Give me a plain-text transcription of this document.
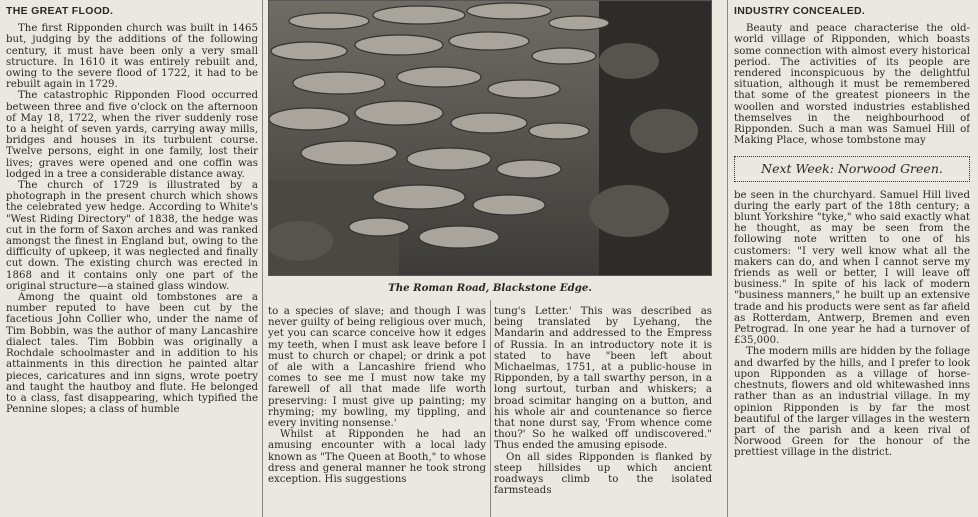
THE GREAT FLOOD.

The first Ripponden church was built in 1465 but, judging by the additions of the following century, it must have been only a very small structure. In 1610 it was entirely rebuilt and, owing to the severe flood of 1722, it had to be rebuilt again in 1729.

The catastrophic Ripponden Flood occurred between three and five o'clock on the afternoon of May 18, 1722, when the river suddenly rose to a height of seven yards, carrying away mills, bridges and houses in its turbulent course. Twelve persons, eight in one family, lost their lives; graves were opened and one coffin was lodged in a tree a considerable distance away.

The church of 1729 is illustrated by a photograph in the present church which shows the celebrated yew hedge. According to White's "West Riding Directory" of 1838, the hedge was cut in the form of Saxon arches and was ranked amongst the finest in England but, owing to the difficulty of upkeep, it was neglected and finally cut down. The existing church was erected in 1868 and it contains only one part of the original structure—a stained glass window.

Among the quaint old tombstones are a number reputed to have been cut by the facetious John Collier who, under the name of Tim Bobbin, was the author of many Lancashire dialect tales. Tim Bobbin was originally a Rochdale schoolmaster and in addition to his attainments in this direction he painted altar pieces, caricatures and inn signs, wrote poetry and taught the hautboy and flute. He belonged to a class, fast disappearing, which typified the Pennine slopes; a class of humble

The Roman Road, Blackstone Edge.

to a species of slave; and though I was never guilty of being religious over much, yet you can scarce conceive how it edges my teeth, when I must ask leave before I must to church or chapel; or drink a pot of ale with a Lancashire friend who comes to see me I must now take my farewell of all that made life worth preserving: I must give up painting; my rhyming; my bowling, my tippling, and every inviting nonsense.'

Whilst at Ripponden he had an amusing encounter with a local lady known as "The Queen at Booth," to whose dress and general manner he took strong exception. His suggestions

tung's Letter.' This was described as being translated by Lyehang, the Mandarin and addressed to the Empress of Russia. In an introductory note it is stated to have "been left about Michaelmas, 1751, at a public-house in Ripponden, by a tall swarthy person, in a long surtout, turban and whiskers; a broad scimitar hanging on a button, and his whole air and countenance so fierce that none durst say, 'From whence come thou?' So he walked off undiscovered." Thus ended the amusing episode.

On all sides Ripponden is flanked by steep hillsides up which ancient roadways climb to the isolated farmsteads

INDUSTRY CONCEALED.

Beauty and peace characterise the old-world village of Ripponden, which boasts some connection with almost every historical period. The activities of its people are rendered inconspicuous by the delightful situation, although it must be remembered that some of the greatest pioneers in the woollen and worsted industries established themselves in the neighbourhood of Ripponden. Such a man was Samuel Hill of Making Place, whose tombstone may

Next Week: Norwood Green.

be seen in the churchyard. Samuel Hill lived during the early part of the 18th century; a blunt Yorkshire "tyke," who said exactly what he thought, as may be seen from the following note written to one of his customers: "I very well know what all the makers can do, and when I cannot serve my friends as well or better, I will leave off business." In spite of his lack of modern "business manners," he built up an extensive trade and his products were sent as far afield as Rotterdam, Antwerp, Bremen and even Petrograd. In one year he had a turnover of £35,000.

The modern mills are hidden by the foliage and dwarfed by the hills, and I prefer to look upon Ripponden as a village of horse-chestnuts, flowers and old whitewashed inns rather than as an industrial village. In my opinion Ripponden is by far the most beautiful of the larger villages in the western part of the parish and a keen rival of Norwood Green for the honour of the prettiest village in the district.
